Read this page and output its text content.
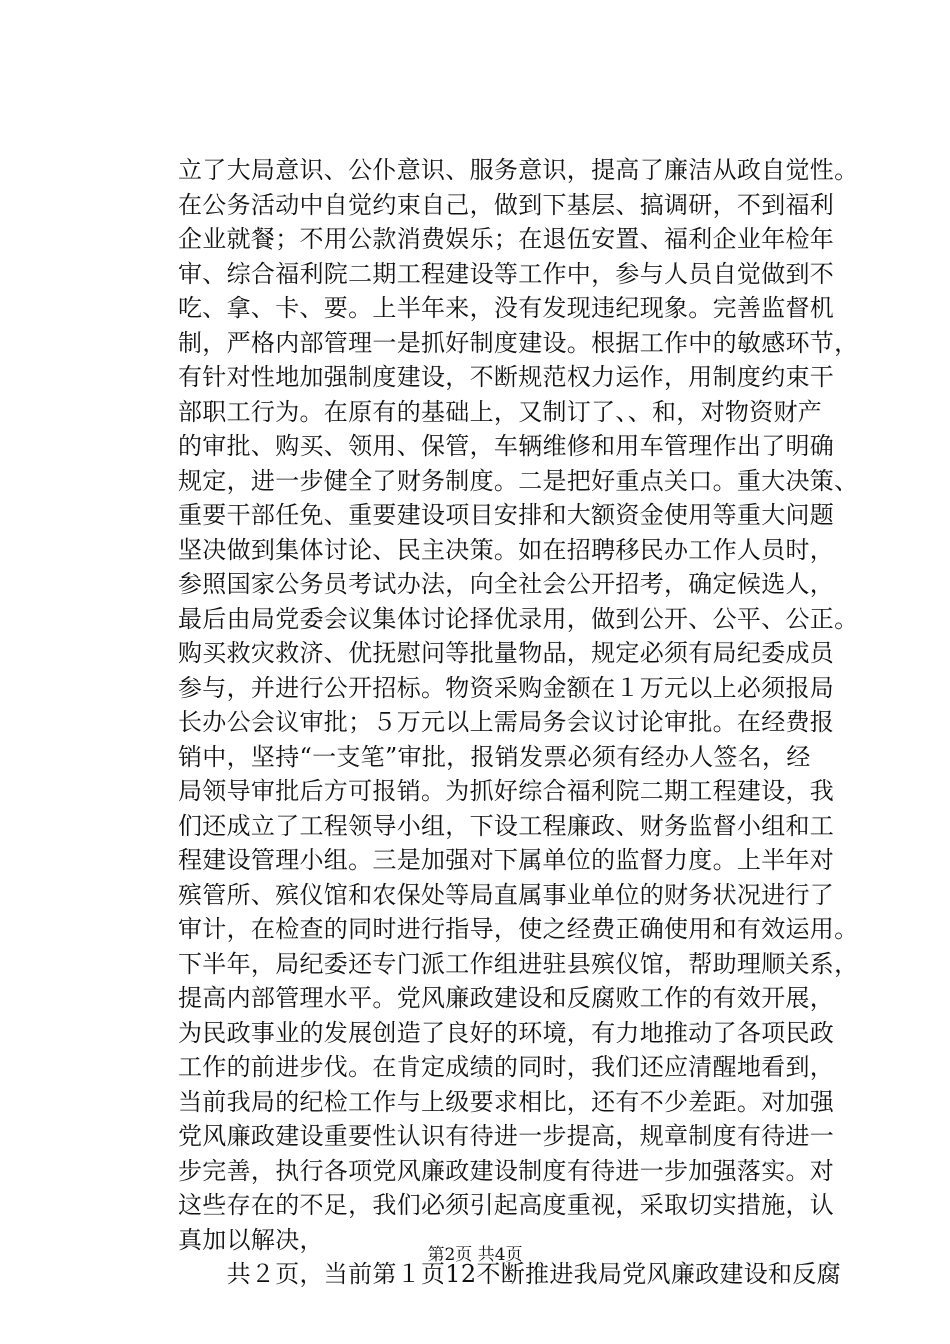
立了大局意识、公仆意识、服务意识，提高了廉洁从政自觉性。
在公务活动中自觉约束自己，做到下基层、搞调研，不到福利
企业就餐；不用公款消费娱乐；在退伍安置、福利企业年检年
审、综合福利院二期工程建设等工作中，参与人员自觉做到不
吃、拿、卡、要。上半年来，没有发现违纪现象。完善监督机
制，严格内部管理一是抓好制度建设。根据工作中的敏感环节，
有针对性地加强制度建设，不断规范权力运作，用制度约束干
部职工行为。在原有的基础上，又制订了、、和，对物资财产
的审批、购买、领用、保管，车辆维修和用车管理作出了明确
规定，进一步健全了财务制度。二是把好重点关口。重大决策、
重要干部任免、重要建设项目安排和大额资金使用等重大问题
坚决做到集体讨论、民主决策。如在招聘移民办工作人员时，
参照国家公务员考试办法，向全社会公开招考，确定候选人，
最后由局党委会议集体讨论择优录用，做到公开、公平、公正。
购买救灾救济、优抚慰问等批量物品，规定必须有局纪委成员
参与，并进行公开招标。物资采购金额在１万元以上必须报局
长办公会议审批；５万元以上需局务会议讨论审批。在经费报
销中，坚持“一支笔”审批，报销发票必须有经办人签名，经
局领导审批后方可报销。为抓好综合福利院二期工程建设，我
们还成立了工程领导小组，下设工程廉政、财务监督小组和工
程建设管理小组。三是加强对下属单位的监督力度。上半年对
殡管所、殡仪馆和农保处等局直属事业单位的财务状况进行了
审计，在检查的同时进行指导，使之经费正确使用和有效运用。
下半年，局纪委还专门派工作组进驻县殡仪馆，帮助理顺关系，
提高内部管理水平。党风廉政建设和反腐败工作的有效开展，
为民政事业的发展创造了良好的环境，有力地推动了各项民政
工作的前进步伐。在肯定成绩的同时，我们还应清醒地看到，
当前我局的纪检工作与上级要求相比，还有不少差距。对加强
党风廉政建设重要性认识有待进一步提高，规章制度有待进一
步完善，执行各项党风廉政建设制度有待进一步加强落实。对
这些存在的不足，我们必须引起高度重视，采取切实措施，认
真加以解决，
　　共２页，当前第１页12不断推进我局党风廉政建设和反腐
第2页 共4页
